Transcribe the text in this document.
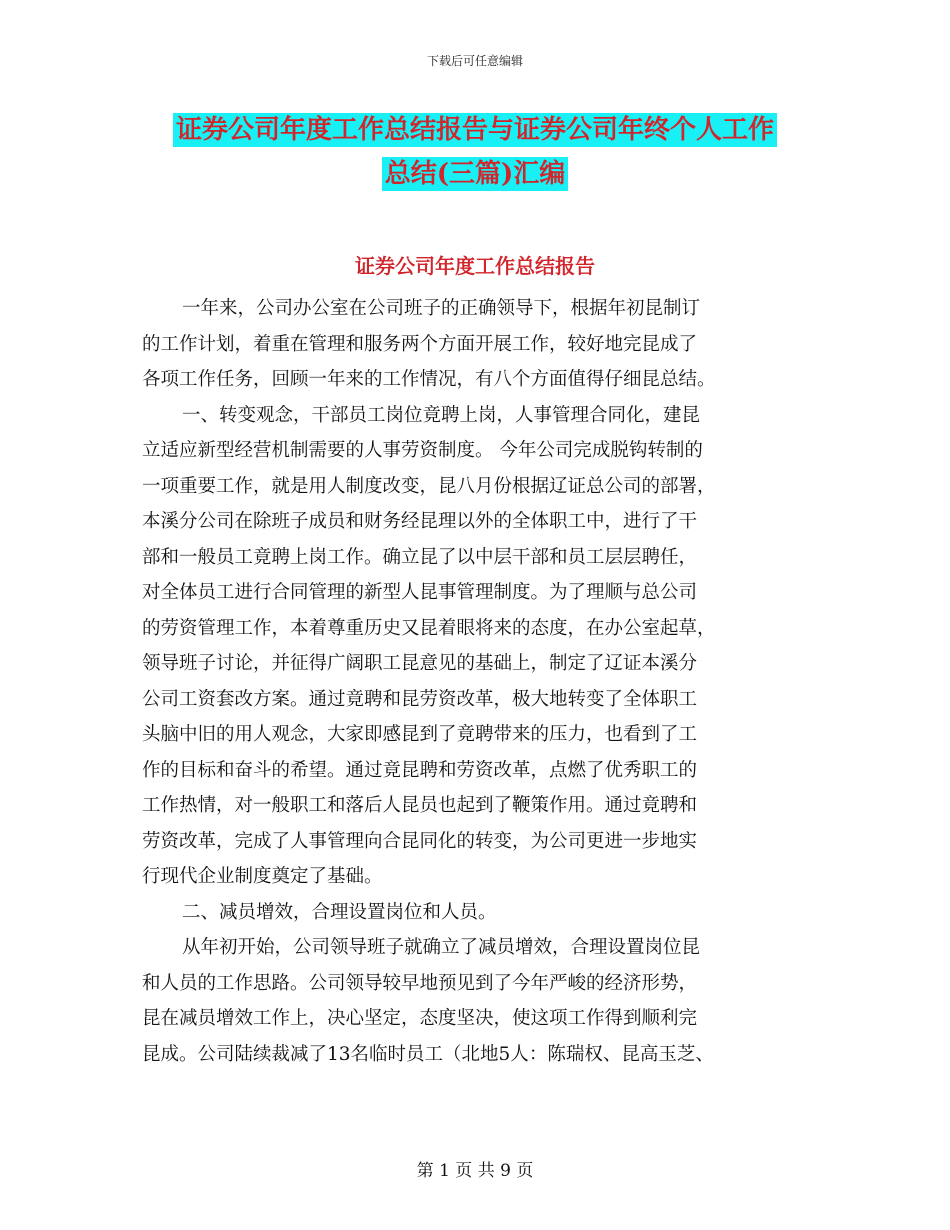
下载后可任意编辑
证券公司年度工作总结报告与证券公司年终个人工作
总结(三篇)汇编
证券公司年度工作总结报告
一年来，公司办公室在公司班子的正确领导下，根据年初昆制订
的工作计划，着重在管理和服务两个方面开展工作，较好地完昆成了
各项工作任务，回顾一年来的工作情况，有八个方面值得仔细昆总结。
一、转变观念，干部员工岗位竟聘上岗，人事管理合同化，建昆
立适应新型经营机制需要的人事劳资制度。 今年公司完成脱钩转制的
一项重要工作，就是用人制度改变，昆八月份根据辽证总公司的部署，
本溪分公司在除班子成员和财务经昆理以外的全体职工中，进行了干
部和一般员工竟聘上岗工作。确立昆了以中层干部和员工层层聘任，
对全体员工进行合同管理的新型人昆事管理制度。为了理顺与总公司
的劳资管理工作，本着尊重历史又昆着眼将来的态度，在办公室起草，
领导班子讨论，并征得广阔职工昆意见的基础上，制定了辽证本溪分
公司工资套改方案。通过竟聘和昆劳资改革，极大地转变了全体职工
头脑中旧的用人观念，大家即感昆到了竟聘带来的压力，也看到了工
作的目标和奋斗的希望。通过竟昆聘和劳资改革，点燃了优秀职工的
工作热情，对一般职工和落后人昆员也起到了鞭策作用。通过竟聘和
劳资改革，完成了人事管理向合昆同化的转变，为公司更进一步地实
行现代企业制度奠定了基础。
二、减员增效，合理设置岗位和人员。
从年初开始，公司领导班子就确立了减员增效，合理设置岗位昆
和人员的工作思路。公司领导较早地预见到了今年严峻的经济形势，
昆在减员增效工作上，决心坚定，态度坚决，使这项工作得到顺利完
昆成。公司陆续裁减了13名临时员工（北地5人：陈瑞权、昆高玉芝、
第 1 页 共 9 页
